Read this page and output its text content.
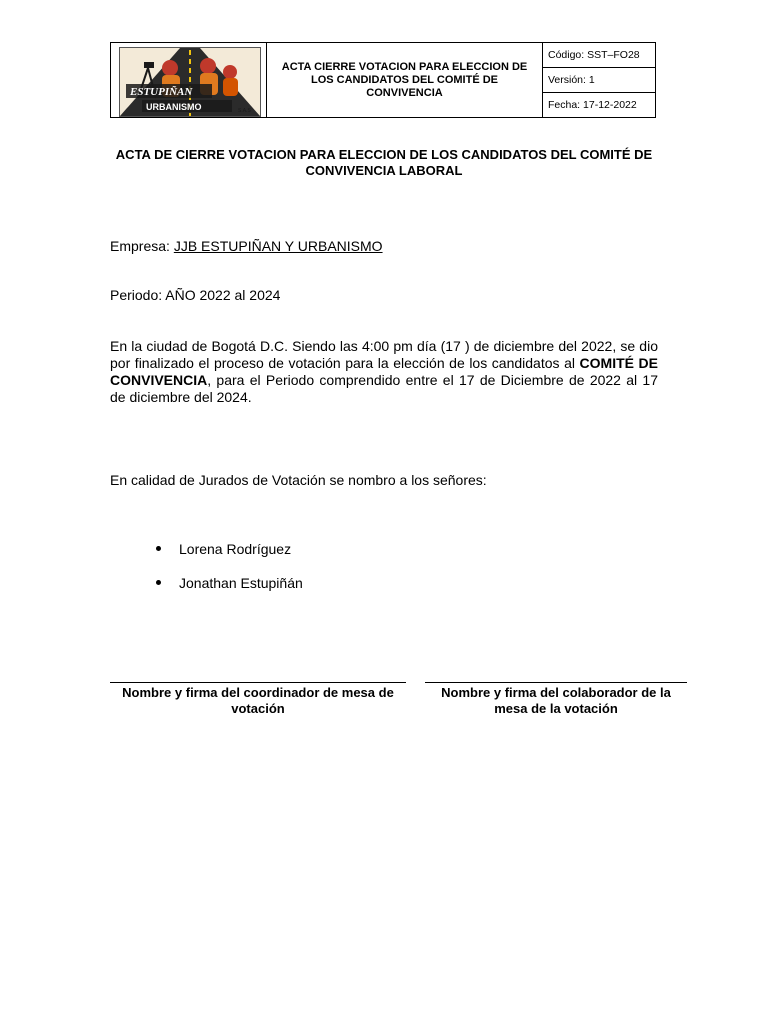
ESTUPIÑAN
URBANISMO	S.A.S
ACTA CIERRE VOTACION PARA ELECCION DE LOS CANDIDATOS DEL COMITÉ DE CONVIVENCIA
Código: SST–FO28
Versión: 1
Fecha: 17-12-2022
ACTA DE CIERRE VOTACION PARA ELECCION DE LOS CANDIDATOS DEL COMITÉ DE CONVIVENCIA LABORAL
Empresa: JJB ESTUPIÑAN Y URBANISMO
Periodo: AÑO 2022 al 2024
En la ciudad de Bogotá D.C. Siendo las 4:00 pm día (17 ) de diciembre del 2022, se dio por finalizado el proceso de votación para la elección de los candidatos al COMITÉ DE CONVIVENCIA, para el Periodo comprendido entre el 17 de Diciembre de 2022 al 17 de diciembre del 2024.
En calidad de Jurados de Votación se nombro a los señores:
Lorena Rodríguez
Jonathan Estupiñán
Nombre y firma del coordinador de mesa de votación
Nombre y firma del colaborador de la mesa de la votación
